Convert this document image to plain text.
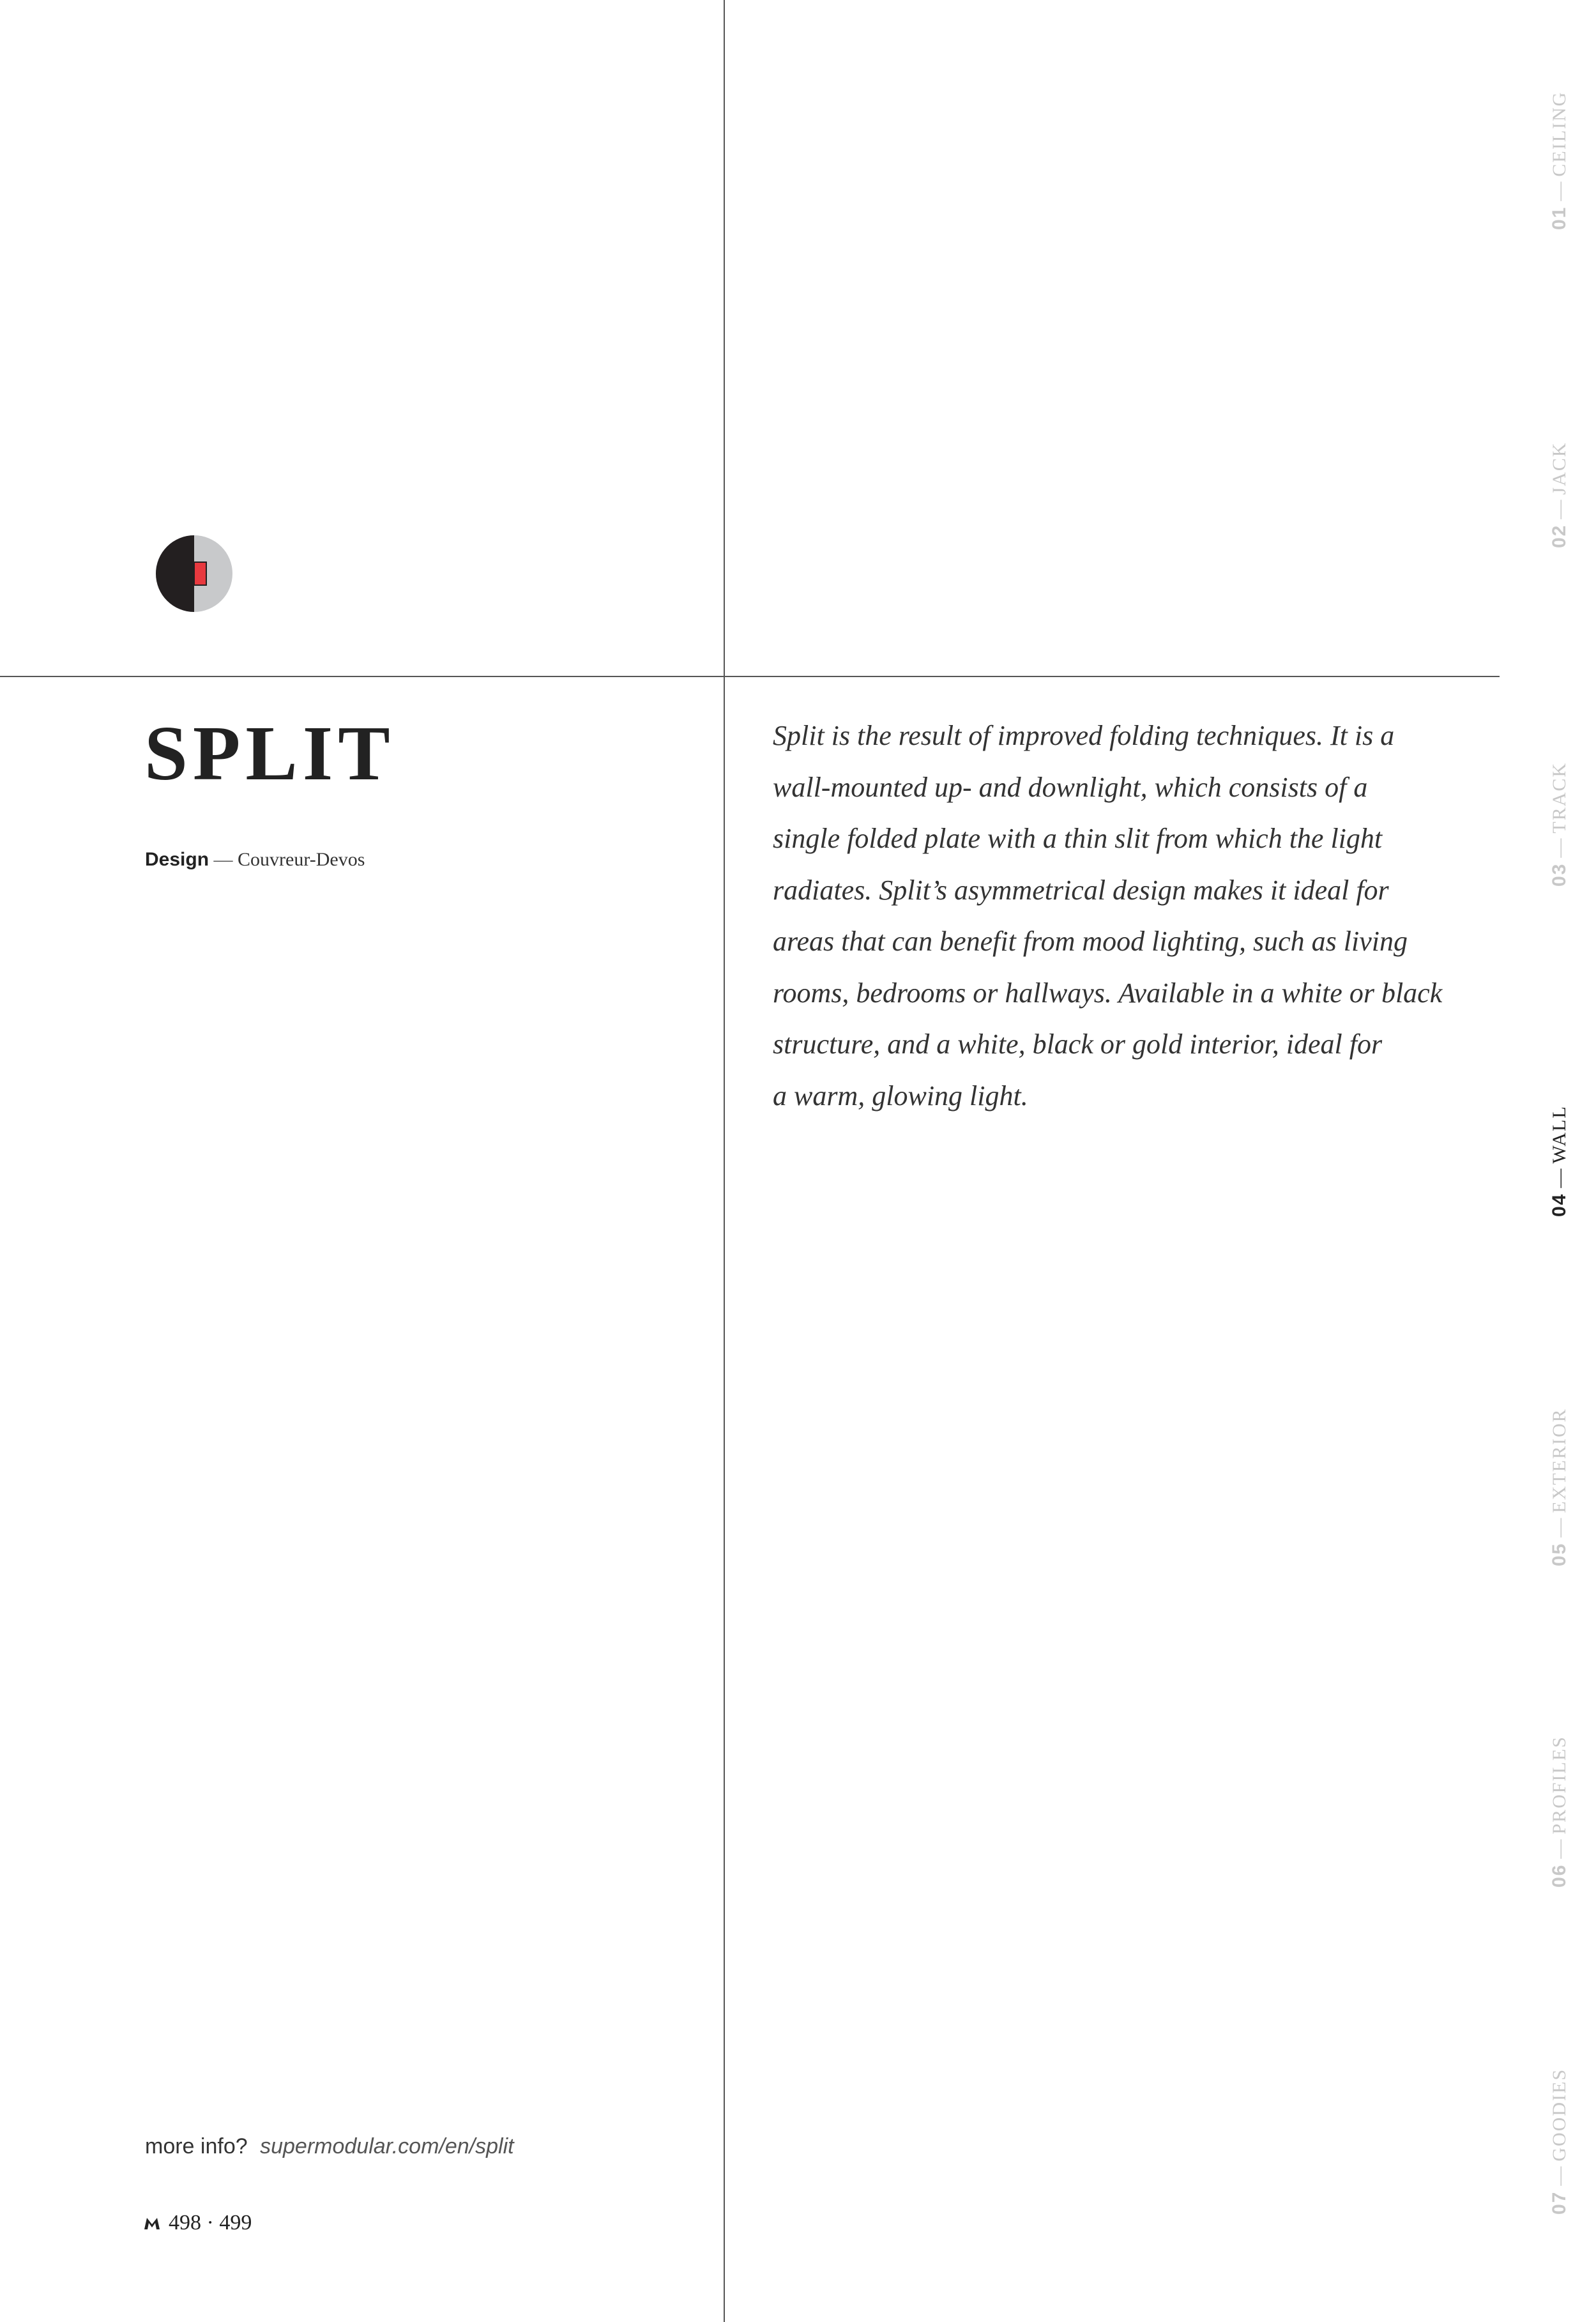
SPLIT
Design — Couvreur-Devos
Split is the result of improved folding techniques. It is a
wall-mounted up- and downlight, which consists of a
single folded plate with a thin slit from which the light
radiates. Split’s asymmetrical design makes it ideal for
areas that can benefit from mood lighting, such as living
rooms, bedrooms or hallways. Available in a white or black
structure, and a white, black or gold interior, ideal for
a warm, glowing light.
more info? supermodular.com/en/split
498 · 499
01—CEILING
02—JACK
03—TRACK
04—WALL
05—EXTERIOR
06—PROFILES
07—GOODIES
